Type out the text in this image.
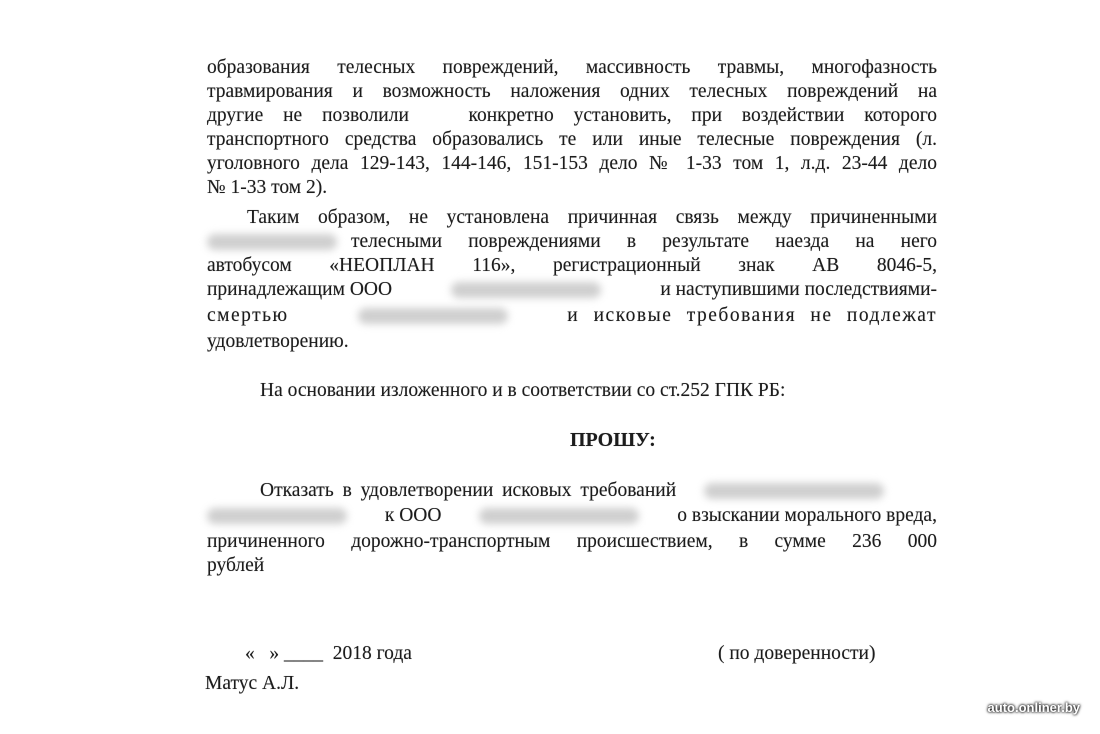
образования телесных повреждений, массивность травмы, многофазность
травмирования и возможность наложения одних телесных повреждений на
другие не позволили   конкретно установить, при воздействии которого
транспортного средства образовались те или иные телесные повреждения (л.
уголовного дела 129-143, 144-146, 151-153 дело № 1-33 том 1, л.д. 23-44 дело
№ 1-33 том 2).
Таким образом, не установлена причинная связь между причиненными
телесными повреждениями в результате наезда на него
автобусом «НЕОПЛАН 116», регистрационный знак АВ 8046-5,
принадлежащим ООО	и наступившими последствиями-
смертью	и исковые требования не подлежат
удовлетворению.
На основании изложенного и в соответствии со ст.252 ГПК РБ:
ПРОШУ:
Отказать в удовлетворении исковых требований
к ООО	о взыскании морального вреда,
причиненного дорожно-транспортным происшествием, в сумме 236 000
рублей
«   » ____  2018 года	( по доверенности)
Матус А.Л.
auto.onliner.by
